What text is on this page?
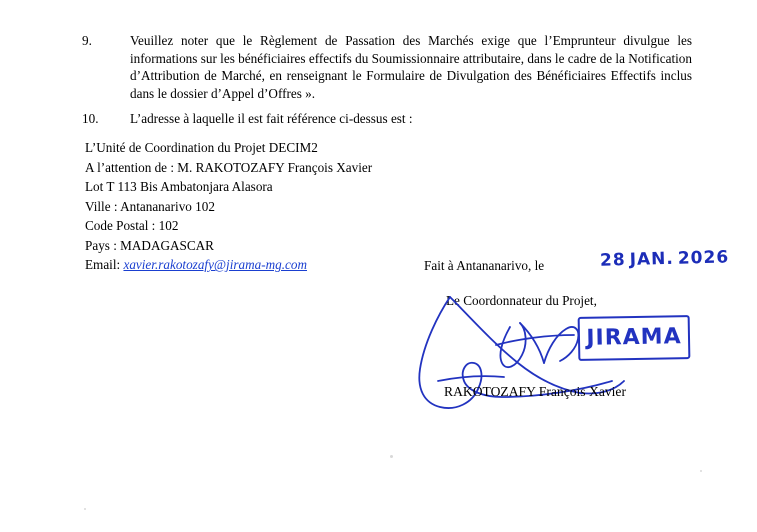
9.	Veuillez noter que le Règlement de Passation des Marchés exige que l’Emprunteur divulgue les informations sur les bénéficiaires effectifs du Soumissionnaire attributaire, dans le cadre de la Notification d’Attribution de Marché, en renseignant le Formulaire de Divulgation des Bénéficiaires Effectifs inclus dans le dossier d’Appel d’Offres ».
10.	L’adresse à laquelle il est fait référence ci-dessus est :
L’Unité de Coordination du Projet DECIM2
A l’attention de : M. RAKOTOZAFY François Xavier
Lot T 113 Bis Ambatonjara Alasora
Ville : Antananarivo 102
Code Postal : 102
Pays : MADAGASCAR
Email: xavier.rakotozafy@jirama-mg.com	Fait à Antananarivo, le	28 JAN. 2026
Le Coordonnateur du Projet,
JIRAMA
RAKOTOZAFY François Xavier
